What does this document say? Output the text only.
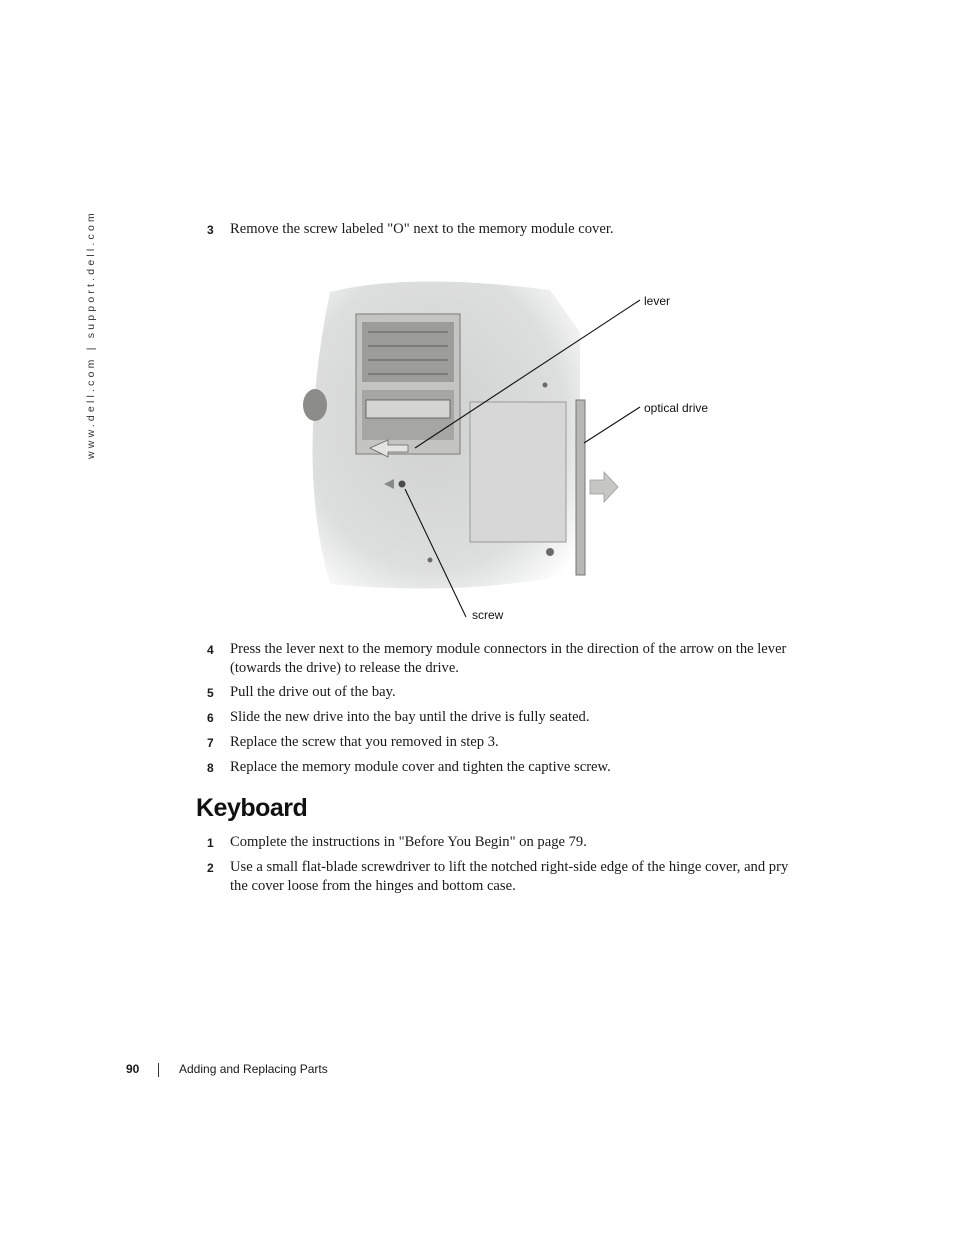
www.dell.com | support.dell.com	3 Remove the screw labeled "O" next to the memory module cover.
lever
optical drive
screw
4 Press the lever next to the memory module connectors in the direction of the arrow on the lever (towards the drive) to release the drive.
5 Pull the drive out of the bay.
6 Slide the new drive into the bay until the drive is fully seated.
7 Replace the screw that you removed in step 3.
8 Replace the memory module cover and tighten the captive screw.
Keyboard
1 Complete the instructions in "Before You Begin" on page 79.
2 Use a small flat-blade screwdriver to lift the notched right-side edge of the hinge cover, and pry the cover loose from the hinges and bottom case.
90	Adding and Replacing Parts
